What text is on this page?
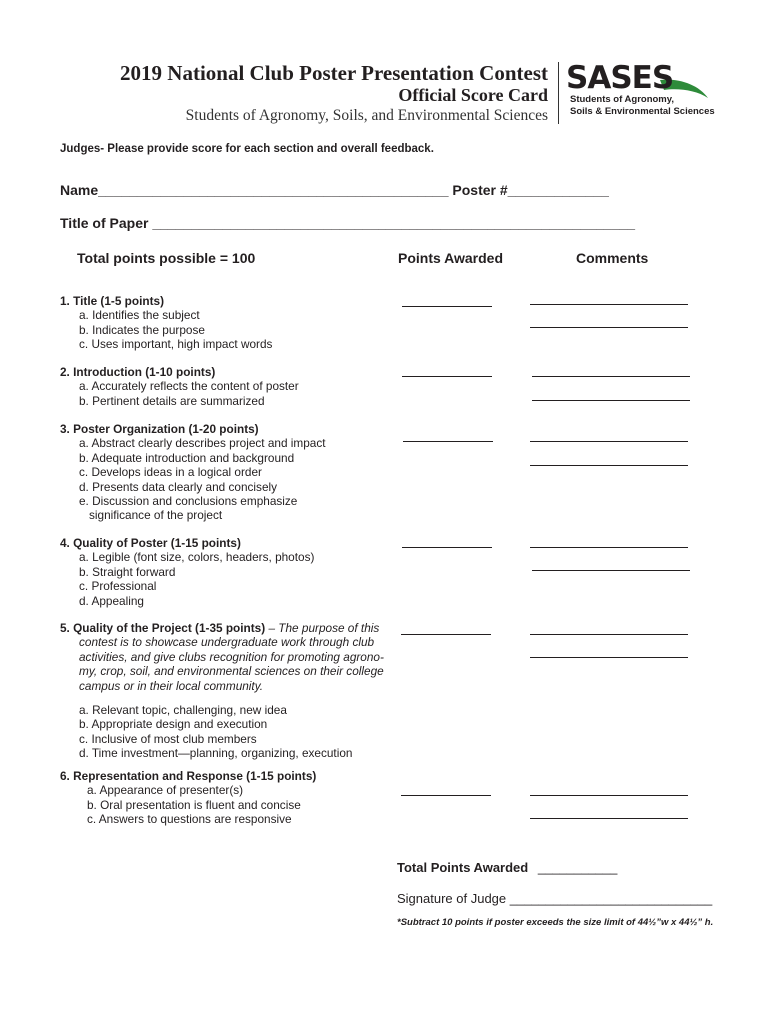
2019 National Club Poster Presentation Contest
Official Score Card
Students of Agronomy, Soils, and Environmental Sciences
SASES
Students of Agronomy,
Soils & Environmental Sciences
Judges- Please provide score for each section and overall feedback.
Name_____________________________________________ Poster #_____________
Title of Paper ______________________________________________________________
Total points possible = 100	Points Awarded	Comments
1. Title (1-5 points)
a. Identifies the subject
b. Indicates the purpose
c. Uses important, high impact words
2. Introduction (1-10 points)
a. Accurately reflects the content of poster
b. Pertinent details are summarized
3. Poster Organization (1-20 points)
a. Abstract clearly describes project and impact
b. Adequate introduction and background
c. Develops ideas in a logical order
d. Presents data clearly and concisely
e. Discussion and conclusions emphasize
significance of the project
4. Quality of Poster (1-15 points)
a. Legible (font size, colors, headers, photos)
b. Straight forward
c. Professional
d. Appealing
5. Quality of the Project (1-35 points) – The purpose of this
contest is to showcase undergraduate work through club
activities, and give clubs recognition for promoting agrono-
my, crop, soil, and environmental sciences on their college
campus or in their local community.
a. Relevant topic, challenging, new idea
b. Appropriate design and execution
c. Inclusive of most club members
d. Time investment—planning, organizing, execution
6. Representation and Response (1-15 points)
a. Appearance of presenter(s)
b. Oral presentation is fluent and concise
c. Answers to questions are responsive
Total Points Awarded ___________
Signature of Judge ____________________________
*Subtract 10 points if poster exceeds the size limit of 44½”w x 44½” h.
